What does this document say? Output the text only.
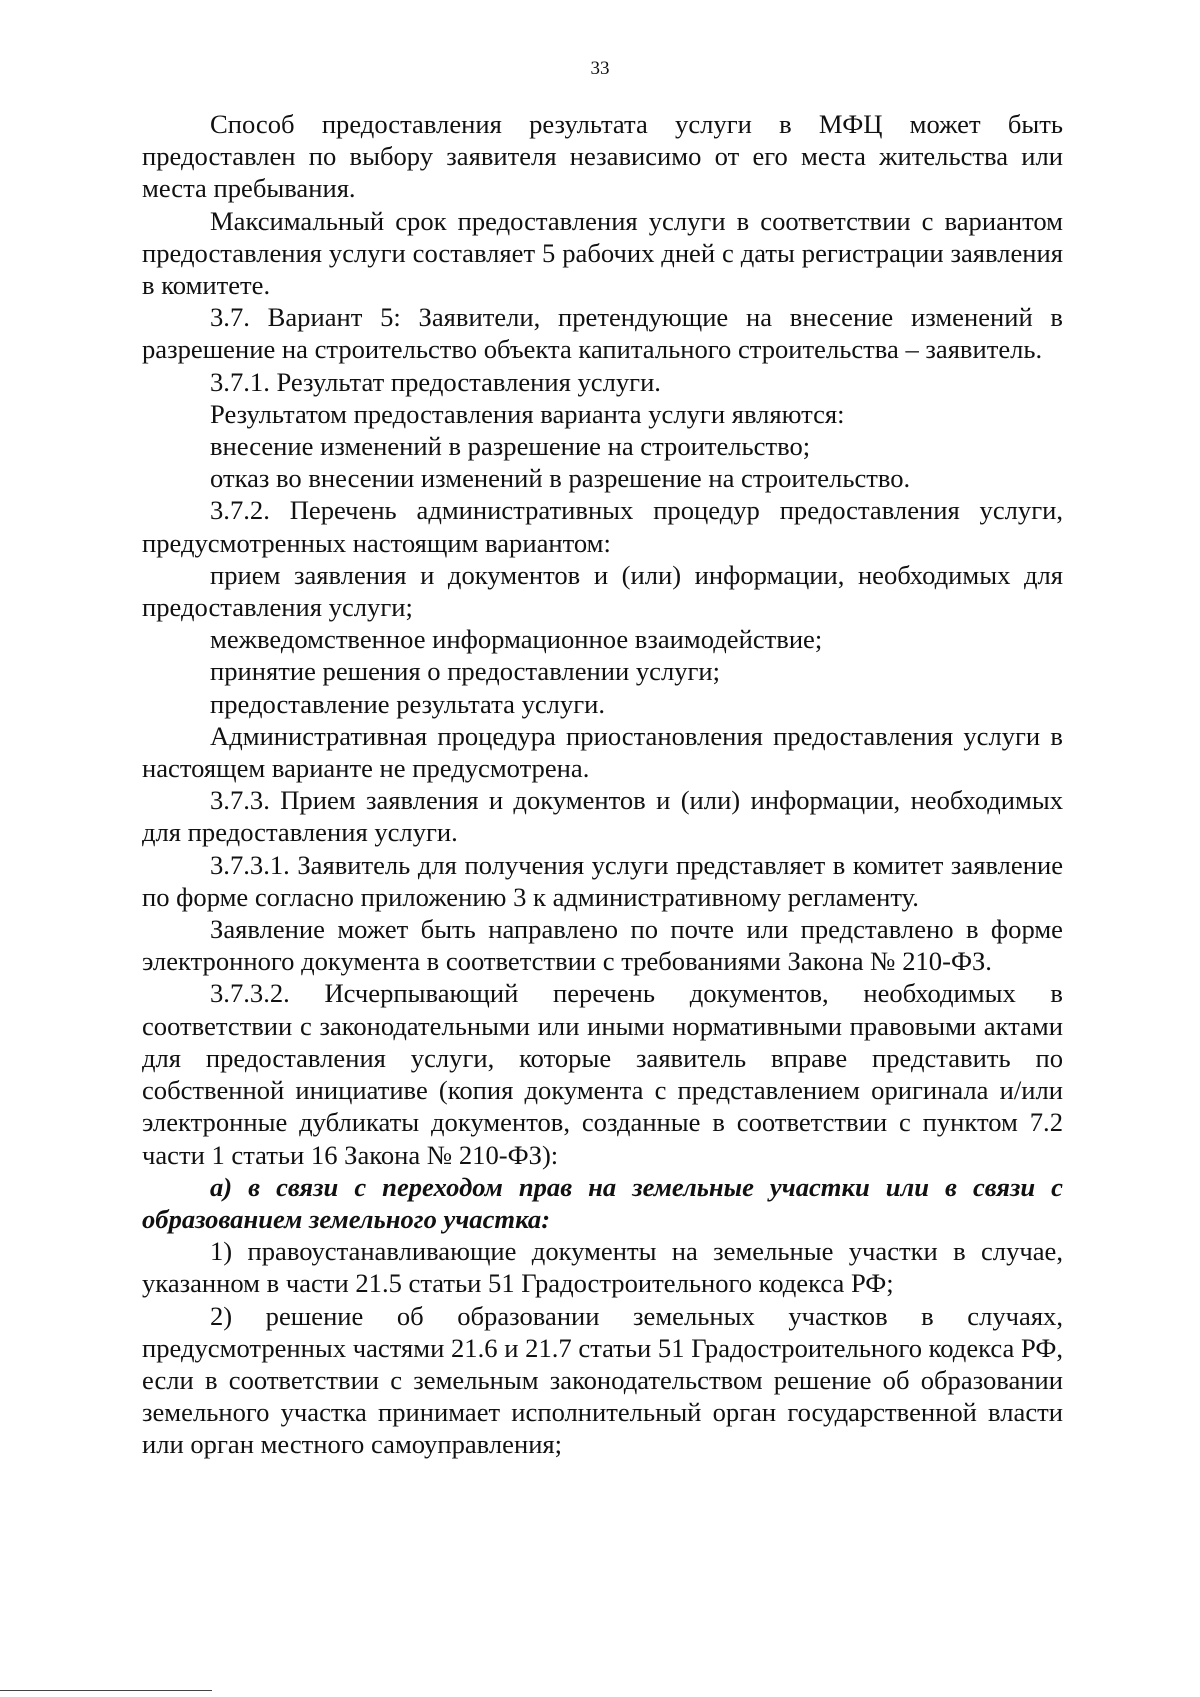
33

Способ предоставления результата услуги в МФЦ может быть предоставлен по выбору заявителя независимо от его места жительства или места пребывания.

Максимальный срок предоставления услуги в соответствии с вариантом предоставления услуги составляет 5 рабочих дней с даты регистрации заявления в комитете.

3.7. Вариант 5: Заявители, претендующие на внесение изменений в разрешение на строительство объекта капитального строительства – заявитель.

3.7.1. Результат предоставления услуги.

Результатом предоставления варианта услуги являются:

внесение изменений в разрешение на строительство;

отказ во внесении изменений в разрешение на строительство.

3.7.2. Перечень административных процедур предоставления услуги, предусмотренных настоящим вариантом:

прием заявления и документов и (или) информации, необходимых для предоставления услуги;

межведомственное информационное взаимодействие;

принятие решения о предоставлении услуги;

предоставление результата услуги.

Административная процедура приостановления предоставления услуги в настоящем варианте не предусмотрена.

3.7.3. Прием заявления и документов и (или) информации, необходимых для предоставления услуги.

3.7.3.1. Заявитель для получения услуги представляет в комитет заявление по форме согласно приложению 3 к административному регламенту.

Заявление может быть направлено по почте или представлено в форме электронного документа в соответствии с требованиями Закона № 210-ФЗ.

3.7.3.2. Исчерпывающий перечень документов, необходимых в соответствии с законодательными или иными нормативными правовыми актами для предоставления услуги, которые заявитель вправе представить по собственной инициативе (копия документа с представлением оригинала и/или электронные дубликаты документов, созданные в соответствии с пунктом 7.2 части 1 статьи 16 Закона № 210-ФЗ):

а) в связи с переходом прав на земельные участки или в связи с образованием земельного участка:

1) правоустанавливающие документы на земельные участки в случае, указанном в части 21.5 статьи 51 Градостроительного кодекса РФ;

2) решение об образовании земельных участков в случаях, предусмотренных частями 21.6 и 21.7 статьи 51 Градостроительного кодекса РФ, если в соответствии с земельным законодательством решение об образовании земельного участка принимает исполнительный орган государственной власти или орган местного самоуправления;
